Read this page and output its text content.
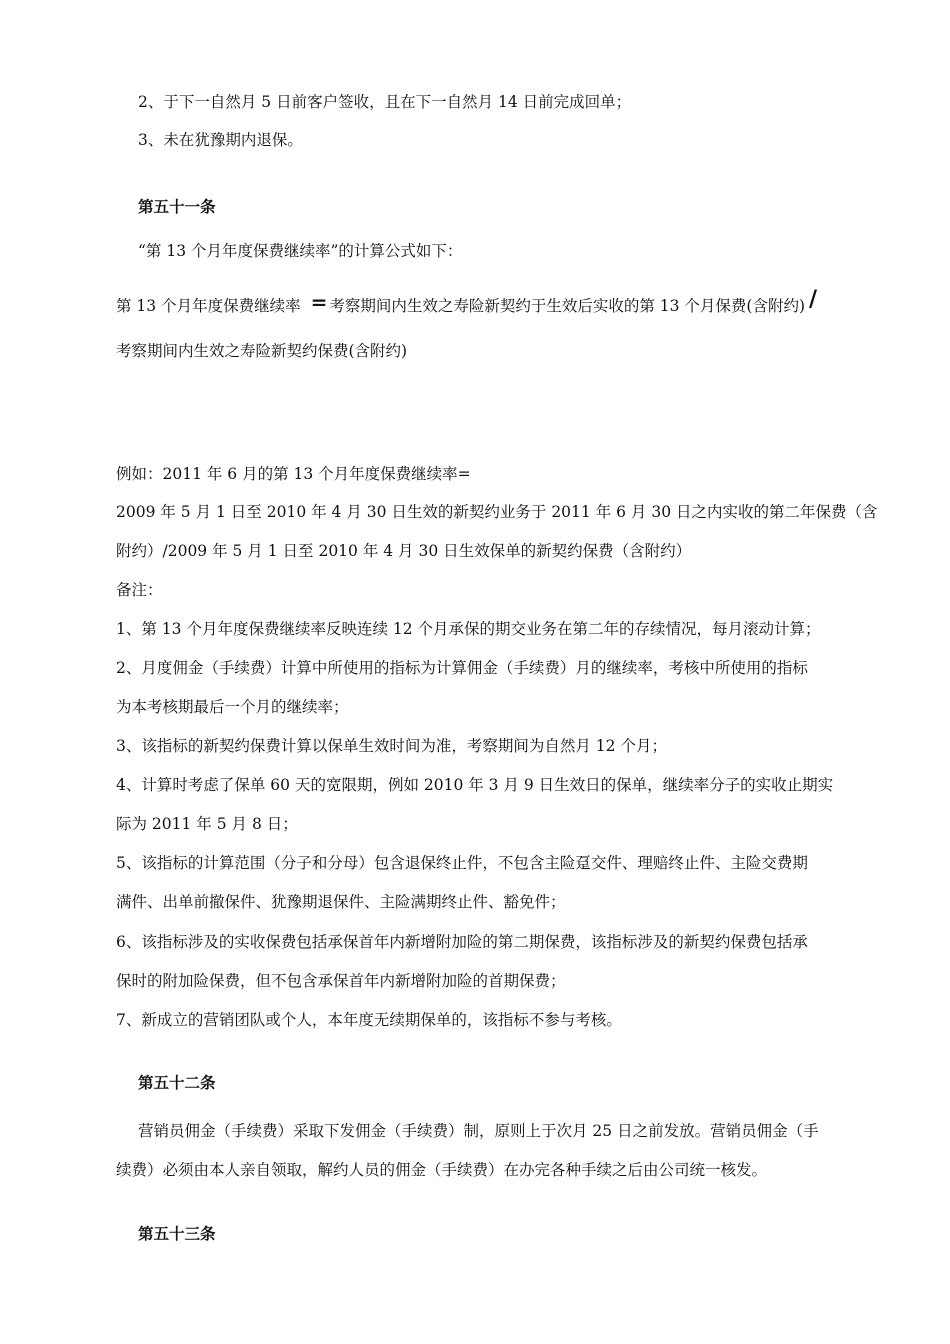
2、于下一自然月 5 日前客户签收，且在下一自然月 14 日前完成回单；
3、未在犹豫期内退保。
第五十一条
“第 13 个月年度保费继续率”的计算公式如下：
第 13 个月年度保费继续率 = 考察期间内生效之寿险新契约于生效后实收的第 13 个月保费(含附约) /
考察期间内生效之寿险新契约保费(含附约)
例如：2011 年 6 月的第 13 个月年度保费继续率=
2009 年 5 月 1 日至 2010 年 4 月 30 日生效的新契约业务于 2011 年 6 月 30 日之内实收的第二年保费（含
附约）/2009 年 5 月 1 日至 2010 年 4 月 30 日生效保单的新契约保费（含附约）
备注：
1、第 13 个月年度保费继续率反映连续 12 个月承保的期交业务在第二年的存续情况，每月滚动计算；
2、月度佣金（手续费）计算中所使用的指标为计算佣金（手续费）月的继续率，考核中所使用的指标
为本考核期最后一个月的继续率；
3、该指标的新契约保费计算以保单生效时间为准，考察期间为自然月 12 个月；
4、计算时考虑了保单 60 天的宽限期，例如 2010 年 3 月 9 日生效日的保单，继续率分子的实收止期实
际为 2011 年 5 月 8 日；
5、该指标的计算范围（分子和分母）包含退保终止件，不包含主险趸交件、理赔终止件、主险交费期
满件、出单前撤保件、犹豫期退保件、主险满期终止件、豁免件；
6、该指标涉及的实收保费包括承保首年内新增附加险的第二期保费，该指标涉及的新契约保费包括承
保时的附加险保费，但不包含承保首年内新增附加险的首期保费；
7、新成立的营销团队或个人，本年度无续期保单的，该指标不参与考核。
第五十二条
营销员佣金（手续费）采取下发佣金（手续费）制，原则上于次月 25 日之前发放。营销员佣金（手
续费）必须由本人亲自领取，解约人员的佣金（手续费）在办完各种手续之后由公司统一核发。
第五十三条
